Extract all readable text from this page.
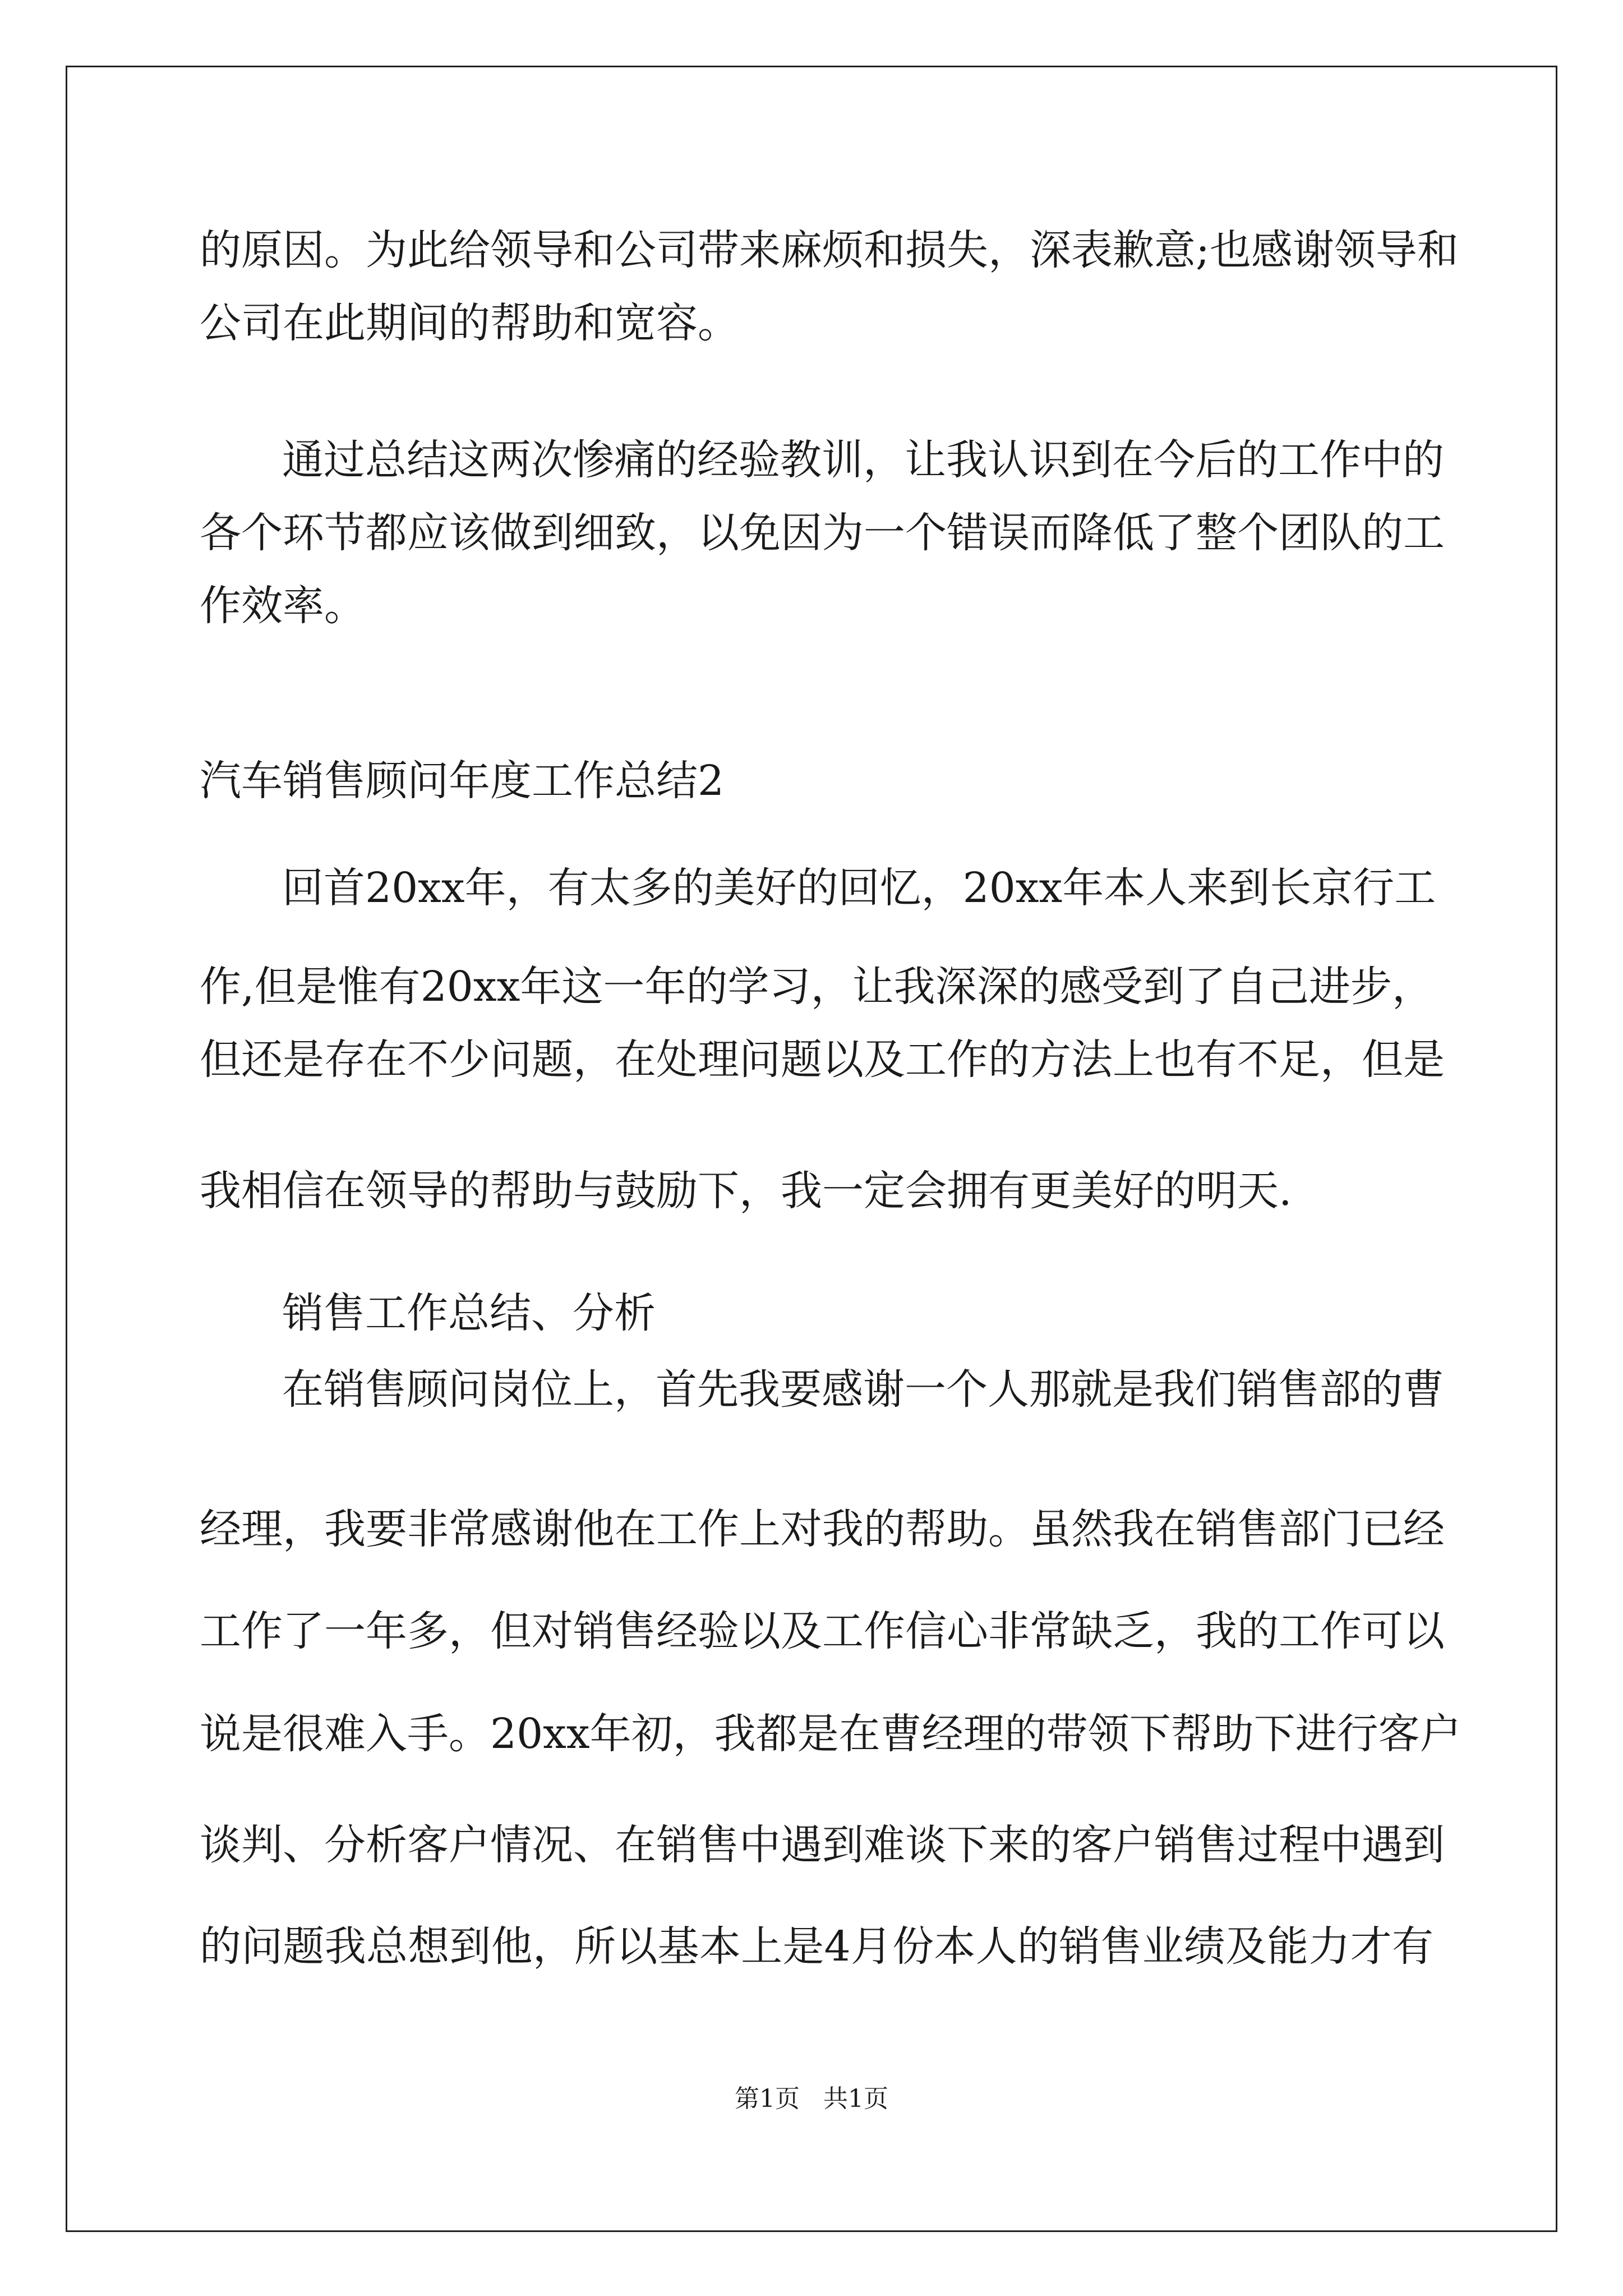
的原因。为此给领导和公司带来麻烦和损失，深表歉意;也感谢领导和

公司在此期间的帮助和宽容。

通过总结这两次惨痛的经验教训，让我认识到在今后的工作中的

各个环节都应该做到细致，以免因为一个错误而降低了整个团队的工

作效率。

汽车销售顾问年度工作总结2

回首20xx年，有太多的美好的回忆，20xx年本人来到长京行工

作,但是惟有20xx年这一年的学习，让我深深的感受到了自己进步，

但还是存在不少问题，在处理问题以及工作的方法上也有不足，但是

我相信在领导的帮助与鼓励下，我一定会拥有更美好的明天.

销售工作总结、分析

在销售顾问岗位上，首先我要感谢一个人那就是我们销售部的曹

经理，我要非常感谢他在工作上对我的帮助。虽然我在销售部门已经

工作了一年多，但对销售经验以及工作信心非常缺乏，我的工作可以

说是很难入手。20xx年初，我都是在曹经理的带领下帮助下进行客户

谈判、分析客户情况、在销售中遇到难谈下来的客户销售过程中遇到

的问题我总想到他，所以基本上是4月份本人的销售业绩及能力才有

第1页   共1页
